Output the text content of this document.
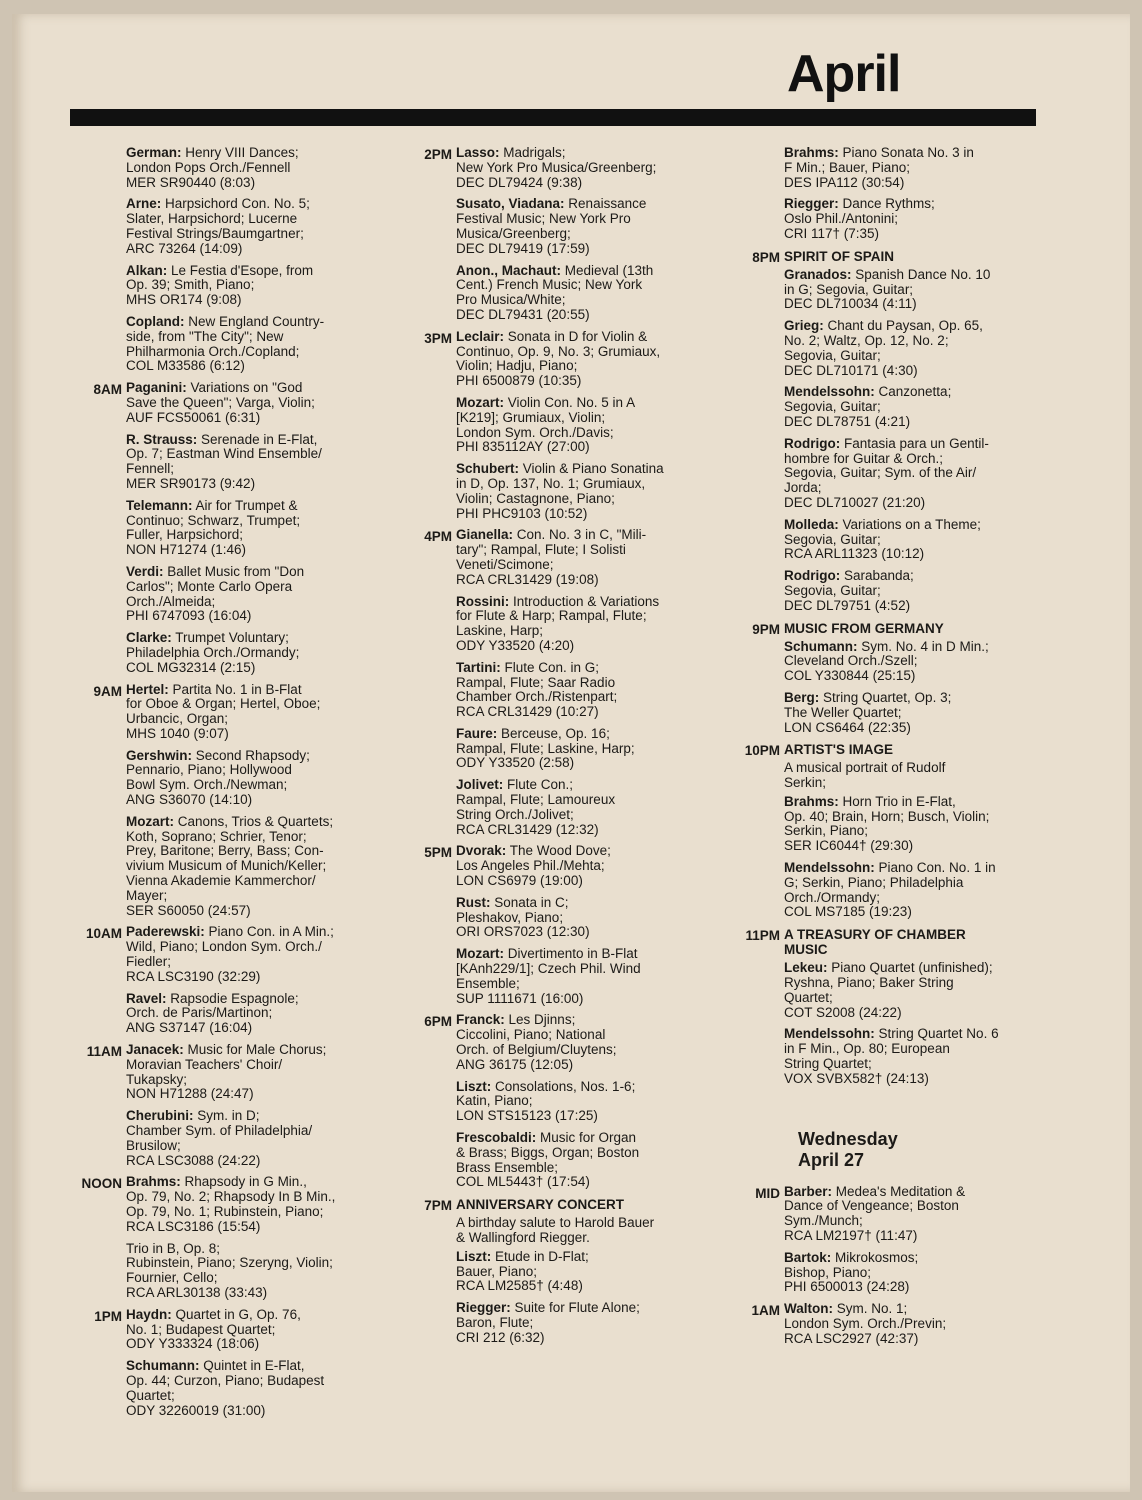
April
German: Henry VIII Dances;
London Pops Orch./Fennell
MER SR90440 (8:03)
Arne: Harpsichord Con. No. 5;
Slater, Harpsichord; Lucerne
Festival Strings/Baumgartner;
ARC 73264 (14:09)
Alkan: Le Festia d'Esope, from
Op. 39; Smith, Piano;
MHS OR174 (9:08)
Copland: New England Country-
side, from "The City"; New
Philharmonia Orch./Copland;
COL M33586 (6:12)
8AM Paganini: Variations on "God
Save the Queen"; Varga, Violin;
AUF FCS50061 (6:31)
R. Strauss: Serenade in E-Flat,
Op. 7; Eastman Wind Ensemble/
Fennell;
MER SR90173 (9:42)
Telemann: Air for Trumpet &
Continuo; Schwarz, Trumpet;
Fuller, Harpsichord;
NON H71274 (1:46)
Verdi: Ballet Music from "Don
Carlos"; Monte Carlo Opera
Orch./Almeida;
PHI 6747093 (16:04)
Clarke: Trumpet Voluntary;
Philadelphia Orch./Ormandy;
COL MG32314 (2:15)
9AM Hertel: Partita No. 1 in B-Flat
for Oboe & Organ; Hertel, Oboe;
Urbancic, Organ;
MHS 1040 (9:07)
Gershwin: Second Rhapsody;
Pennario, Piano; Hollywood
Bowl Sym. Orch./Newman;
ANG S36070 (14:10)
Mozart: Canons, Trios & Quartets;
Koth, Soprano; Schrier, Tenor;
Prey, Baritone; Berry, Bass; Con-
vivium Musicum of Munich/Keller;
Vienna Akademie Kammerchor/
Mayer;
SER S60050 (24:57)
10AM Paderewski: Piano Con. in A Min.;
Wild, Piano; London Sym. Orch./
Fiedler;
RCA LSC3190 (32:29)
Ravel: Rapsodie Espagnole;
Orch. de Paris/Martinon;
ANG S37147 (16:04)
11AM Janacek: Music for Male Chorus;
Moravian Teachers' Choir/
Tukapsky;
NON H71288 (24:47)
Cherubini: Sym. in D;
Chamber Sym. of Philadelphia/
Brusilow;
RCA LSC3088 (24:22)
NOON Brahms: Rhapsody in G Min.,
Op. 79, No. 2; Rhapsody In B Min.,
Op. 79, No. 1; Rubinstein, Piano;
RCA LSC3186 (15:54)
Trio in B, Op. 8;
Rubinstein, Piano; Szeryng, Violin;
Fournier, Cello;
RCA ARL30138 (33:43)
1PM Haydn: Quartet in G, Op. 76,
No. 1; Budapest Quartet;
ODY Y333324 (18:06)
Schumann: Quintet in E-Flat,
Op. 44; Curzon, Piano; Budapest
Quartet;
ODY 32260019 (31:00)
2PM Lasso: Madrigals;
New York Pro Musica/Greenberg;
DEC DL79424 (9:38)
Susato, Viadana: Renaissance
Festival Music; New York Pro
Musica/Greenberg;
DEC DL79419 (17:59)
Anon., Machaut: Medieval (13th
Cent.) French Music; New York
Pro Musica/White;
DEC DL79431 (20:55)
3PM Leclair: Sonata in D for Violin &
Continuo, Op. 9, No. 3; Grumiaux,
Violin; Hadju, Piano;
PHI 6500879 (10:35)
Mozart: Violin Con. No. 5 in A
[K219]; Grumiaux, Violin;
London Sym. Orch./Davis;
PHI 835112AY (27:00)
Schubert: Violin & Piano Sonatina
in D, Op. 137, No. 1; Grumiaux,
Violin; Castagnone, Piano;
PHI PHC9103 (10:52)
4PM Gianella: Con. No. 3 in C, "Mili-
tary"; Rampal, Flute; I Solisti
Veneti/Scimone;
RCA CRL31429 (19:08)
Rossini: Introduction & Variations
for Flute & Harp; Rampal, Flute;
Laskine, Harp;
ODY Y33520 (4:20)
Tartini: Flute Con. in G;
Rampal, Flute; Saar Radio
Chamber Orch./Ristenpart;
RCA CRL31429 (10:27)
Faure: Berceuse, Op. 16;
Rampal, Flute; Laskine, Harp;
ODY Y33520 (2:58)
Jolivet: Flute Con.;
Rampal, Flute; Lamoureux
String Orch./Jolivet;
RCA CRL31429 (12:32)
5PM Dvorak: The Wood Dove;
Los Angeles Phil./Mehta;
LON CS6979 (19:00)
Rust: Sonata in C;
Pleshakov, Piano;
ORI ORS7023 (12:30)
Mozart: Divertimento in B-Flat
[KAnh229/1]; Czech Phil. Wind
Ensemble;
SUP 1111671 (16:00)
6PM Franck: Les Djinns;
Ciccolini, Piano; National
Orch. of Belgium/Cluytens;
ANG 36175 (12:05)
Liszt: Consolations, Nos. 1-6;
Katin, Piano;
LON STS15123 (17:25)
Frescobaldi: Music for Organ
& Brass; Biggs, Organ; Boston
Brass Ensemble;
COL ML5443† (17:54)
7PM ANNIVERSARY CONCERT
A birthday salute to Harold Bauer
& Wallingford Riegger.
Liszt: Etude in D-Flat;
Bauer, Piano;
RCA LM2585† (4:48)
Riegger: Suite for Flute Alone;
Baron, Flute;
CRI 212 (6:32)
Brahms: Piano Sonata No. 3 in
F Min.; Bauer, Piano;
DES IPA112 (30:54)
Riegger: Dance Rythms;
Oslo Phil./Antonini;
CRI 117† (7:35)
8PM SPIRIT OF SPAIN
Granados: Spanish Dance No. 10
in G; Segovia, Guitar;
DEC DL710034 (4:11)
Grieg: Chant du Paysan, Op. 65,
No. 2; Waltz, Op. 12, No. 2;
Segovia, Guitar;
DEC DL710171 (4:30)
Mendelssohn: Canzonetta;
Segovia, Guitar;
DEC DL78751 (4:21)
Rodrigo: Fantasia para un Gentil-
hombre for Guitar & Orch.;
Segovia, Guitar; Sym. of the Air/
Jorda;
DEC DL710027 (21:20)
Molleda: Variations on a Theme;
Segovia, Guitar;
RCA ARL11323 (10:12)
Rodrigo: Sarabanda;
Segovia, Guitar;
DEC DL79751 (4:52)
9PM MUSIC FROM GERMANY
Schumann: Sym. No. 4 in D Min.;
Cleveland Orch./Szell;
COL Y330844 (25:15)
Berg: String Quartet, Op. 3;
The Weller Quartet;
LON CS6464 (22:35)
10PM ARTIST'S IMAGE
A musical portrait of Rudolf
Serkin;
Brahms: Horn Trio in E-Flat,
Op. 40; Brain, Horn; Busch, Violin;
Serkin, Piano;
SER IC6044† (29:30)
Mendelssohn: Piano Con. No. 1 in
G; Serkin, Piano; Philadelphia
Orch./Ormandy;
COL MS7185 (19:23)
11PM A TREASURY OF CHAMBER
MUSIC
Lekeu: Piano Quartet (unfinished);
Ryshna, Piano; Baker String
Quartet;
COT S2008 (24:22)
Mendelssohn: String Quartet No. 6
in F Min., Op. 80; European
String Quartet;
VOX SVBX582† (24:13)
Wednesday
April 27
MID Barber: Medea's Meditation &
Dance of Vengeance; Boston
Sym./Munch;
RCA LM2197† (11:47)
Bartok: Mikrokosmos;
Bishop, Piano;
PHI 6500013 (24:28)
1AM Walton: Sym. No. 1;
London Sym. Orch./Previn;
RCA LSC2927 (42:37)
